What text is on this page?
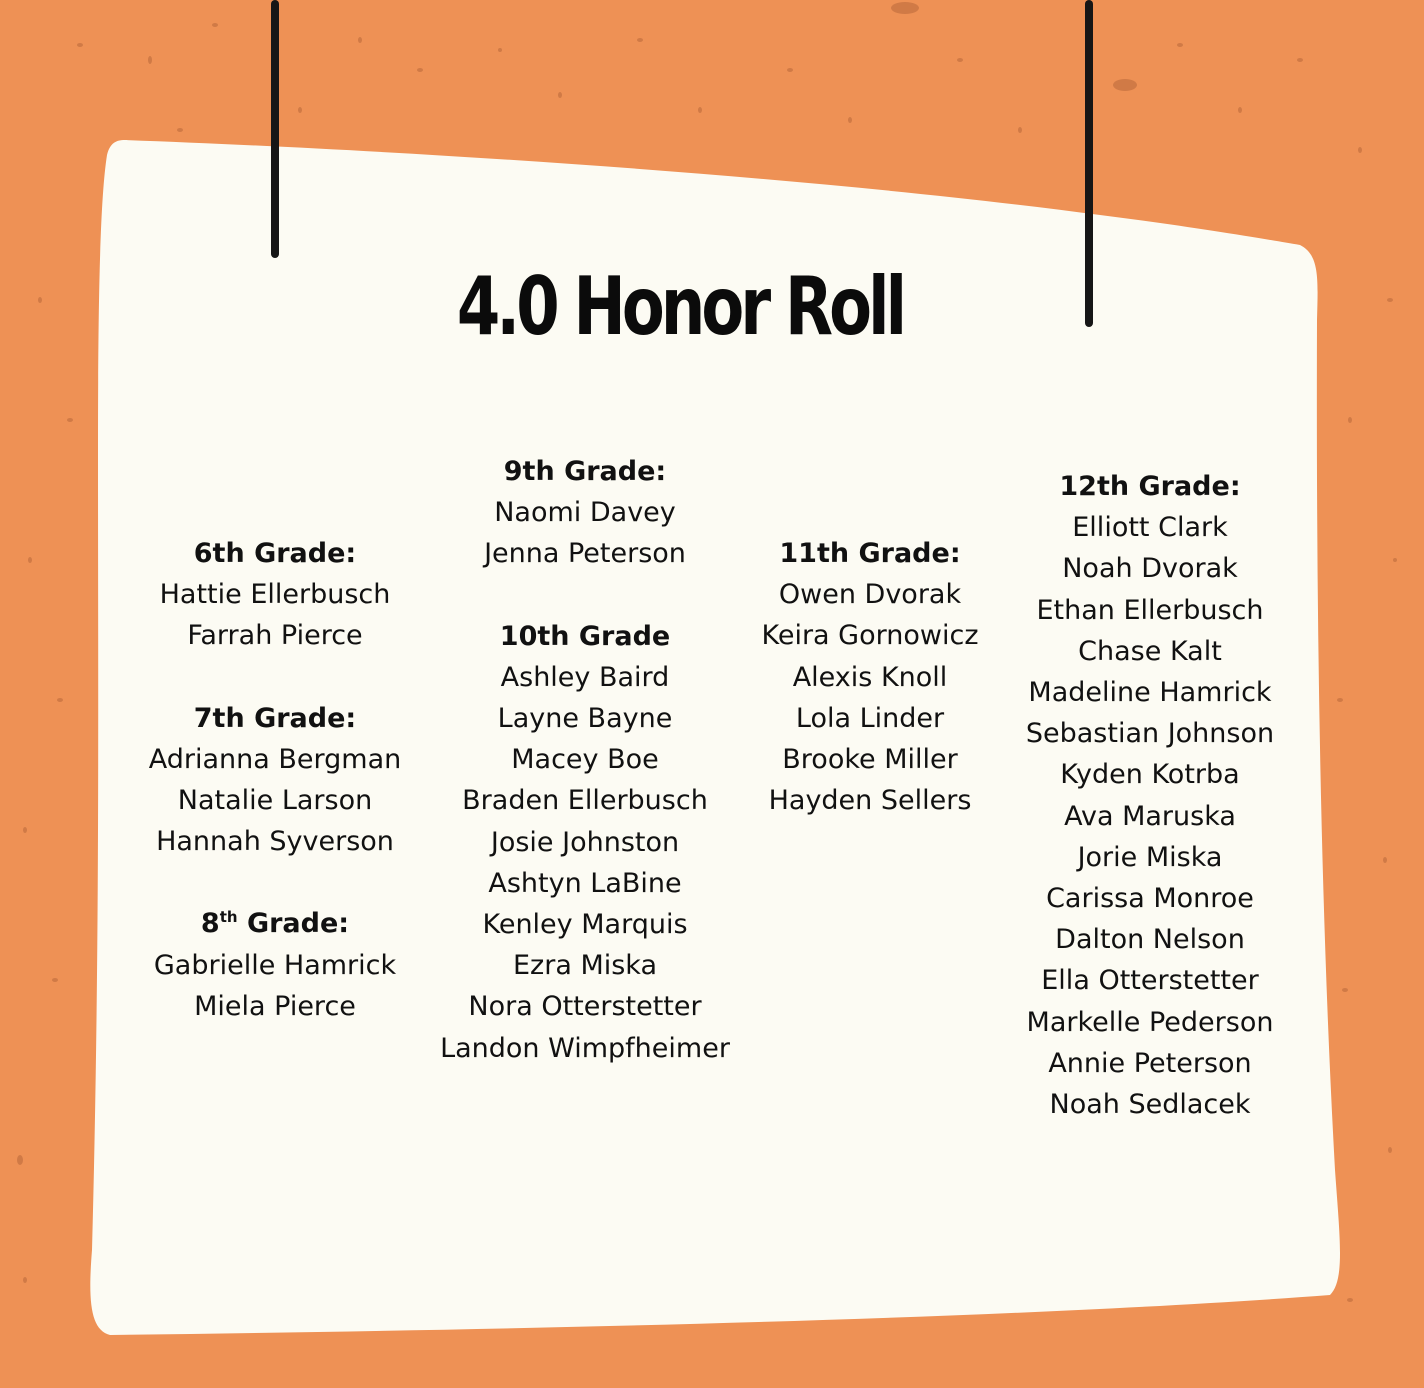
4.0 Honor Roll
6th Grade:
Hattie Ellerbusch
Farrah Pierce
7th Grade:
Adrianna Bergman
Natalie Larson
Hannah Syverson
8th Grade:
Gabrielle Hamrick
Miela Pierce
9th Grade:
Naomi Davey
Jenna Peterson
10th Grade
Ashley Baird
Layne Bayne
Macey Boe
Braden Ellerbusch
Josie Johnston
Ashtyn LaBine
Kenley Marquis
Ezra Miska
Nora Otterstetter
Landon Wimpfheimer
11th Grade:
Owen Dvorak
Keira Gornowicz
Alexis Knoll
Lola Linder
Brooke Miller
Hayden Sellers
12th Grade:
Elliott Clark
Noah Dvorak
Ethan Ellerbusch
Chase Kalt
Madeline Hamrick
Sebastian Johnson
Kyden Kotrba
Ava Maruska
Jorie Miska
Carissa Monroe
Dalton Nelson
Ella Otterstetter
Markelle Pederson
Annie Peterson
Noah Sedlacek
